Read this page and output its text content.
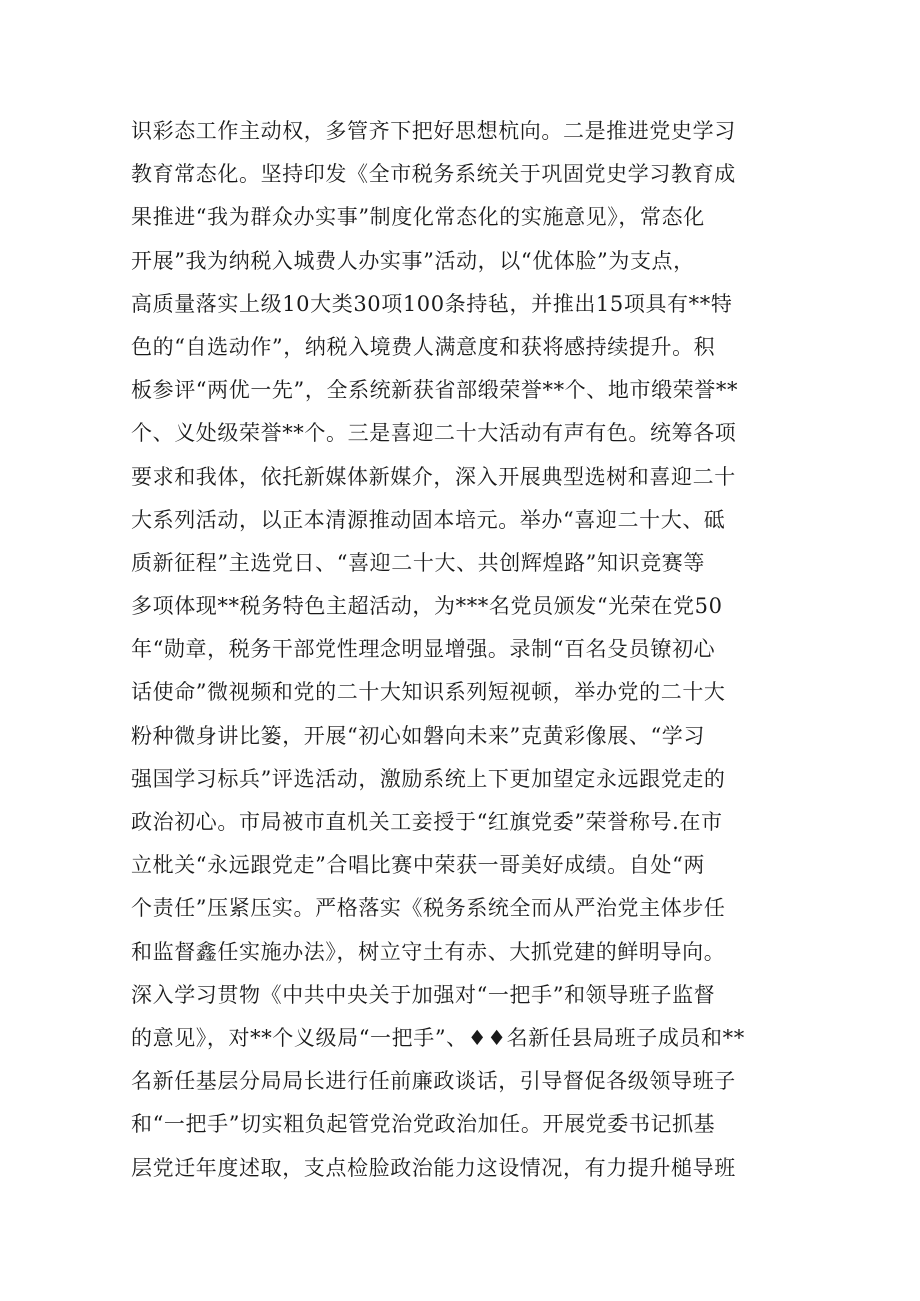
识彩态工作主动权，多管齐下把好思想杭向。二是推进党史学习
教育常态化。坚持印发《全市税务系统关于巩固党史学习教育成
果推进“我为群众办实事”制度化常态化的实施意见》，常态化
开展”我为纳税入城费人办实事”活动，以“优体脸”为支点，
高质量落实上级10大类30项100条持毡，并推出15项具有**特
色的“自选动作”，纳税入境费人满意度和获将感持续提升。积
板参评“两优一先”，全系统新获省部缎荣誉**个、地市缎荣誉**
个、义处级荣誉**个。三是喜迎二十大活动有声有色。统筹各项
要求和我体，依托新媒体新媒介，深入开展典型选树和喜迎二十
大系列活动，以正本清源推动固本培元。举办“喜迎二十大、砥
质新征程”主选党日、“喜迎二十大、共创辉煌路”知识竞赛等
多项体现**税务特色主超活动，为***名党员颁发“光荣在党50
年“勋章，税务干部党性理念明显增强。录制“百名殳员镣初心
话使命”微视频和党的二十大知识系列短视顿，举办党的二十大
粉种微身讲比篓，开展“初心如磐向未来”克黄彩像展、“学习
强国学习标兵”评选活动，激励系统上下更加望定永远跟党走的
政治初心。市局被市直机关工妾授于“红旗党委”荣誉称号.在市
立枇关“永远跟党走”合唱比赛中荣获一哥美好成绩。自处“两
个责任”压紧压实。严格落实《税务系统全而从严治党主体步任
和监督鑫任实施办法》，树立守土有赤、大抓党建的鲜明导向。
深入学习贯物《中共中央关于加强对“一把手”和领导班子监督
的意见》，对**个义级局“一把手”、♦♦名新任县局班子成员和**
名新任基层分局局长进行任前廉政谈话，引导督促各级领导班子
和“一把手”切实粗负起管党治党政治加任。开展党委书记抓基
层党迁年度述取，支点检脸政治能力这设情况，有力提升槌导班
